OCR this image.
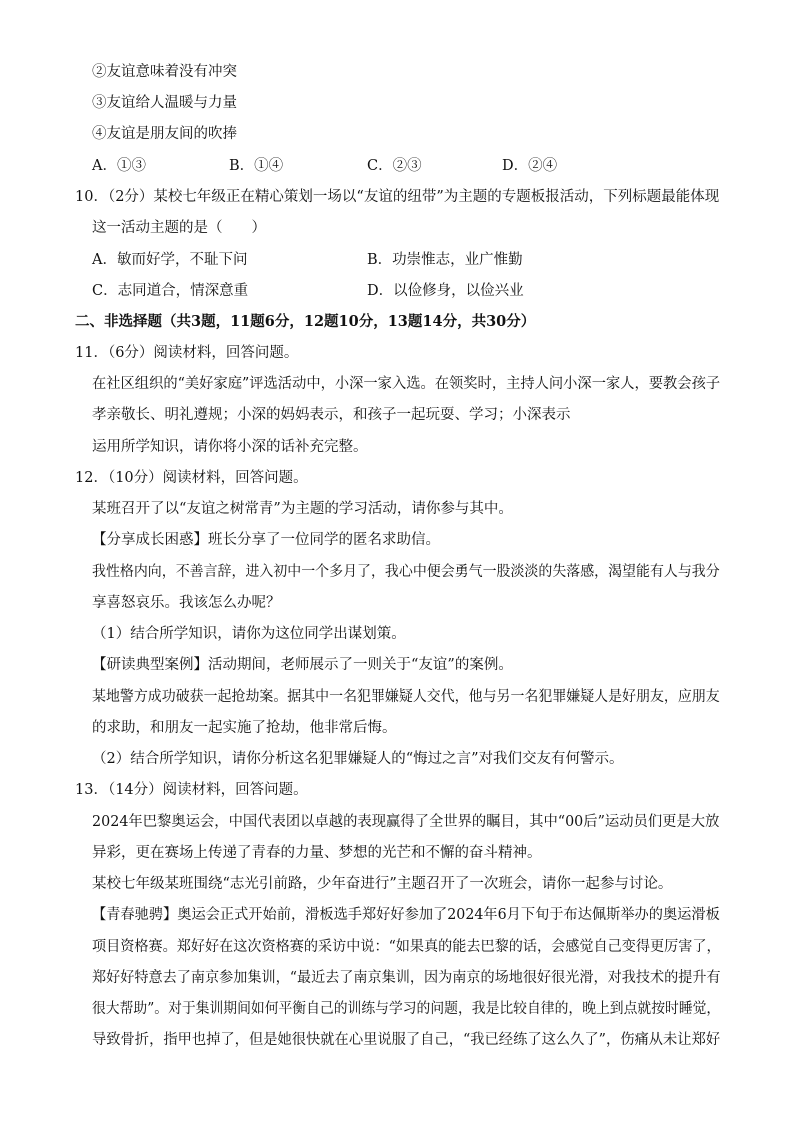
②友谊意味着没有冲突
③友谊给人温暖与力量
④友谊是朋友间的吹捧
A．①③	B．①④	C．②③	D．②④
10．（2分）某校七年级正在精心策划一场以“友谊的纽带”为主题的专题板报活动，下列标题最能体现
这一活动主题的是（　　）
A．敏而好学，不耻下问	B．功崇惟志，业广惟勤
C．志同道合，情深意重	D．以俭修身，以俭兴业
二、非选择题（共3题，11题6分，12题10分，13题14分，共30分）
11．（6分）阅读材料，回答问题。
在社区组织的“美好家庭”评选活动中，小深一家入选。在领奖时，主持人问小深一家人，要教会孩子
孝亲敬长、明礼遵规；小深的妈妈表示，和孩子一起玩耍、学习；小深表示
运用所学知识，请你将小深的话补充完整。
12．（10分）阅读材料，回答问题。
某班召开了以“友谊之树常青”为主题的学习活动，请你参与其中。
【分享成长困惑】班长分享了一位同学的匿名求助信。
我性格内向，不善言辞，进入初中一个多月了，我心中便会勇气一股淡淡的失落感，渴望能有人与我分
享喜怒哀乐。我该怎么办呢？
（1）结合所学知识，请你为这位同学出谋划策。
【研读典型案例】活动期间，老师展示了一则关于“友谊”的案例。
某地警方成功破获一起抢劫案。据其中一名犯罪嫌疑人交代，他与另一名犯罪嫌疑人是好朋友，应朋友
的求助，和朋友一起实施了抢劫，他非常后悔。
（2）结合所学知识，请你分析这名犯罪嫌疑人的“悔过之言”对我们交友有何警示。
13．（14分）阅读材料，回答问题。
2024年巴黎奥运会，中国代表团以卓越的表现赢得了全世界的瞩目，其中“00后”运动员们更是大放
异彩，更在赛场上传递了青春的力量、梦想的光芒和不懈的奋斗精神。
某校七年级某班围绕“志光引前路，少年奋进行”主题召开了一次班会，请你一起参与讨论。
【青春驰骋】奥运会正式开始前，滑板选手郑好好参加了2024年6月下旬于布达佩斯举办的奥运滑板
项目资格赛。郑好好在这次资格赛的采访中说：“如果真的能去巴黎的话，会感觉自己变得更厉害了，
郑好好特意去了南京参加集训，“最近去了南京集训，因为南京的场地很好很光滑，对我技术的提升有
很大帮助”。对于集训期间如何平衡自己的训练与学习的问题，我是比较自律的，晚上到点就按时睡觉，
导致骨折，指甲也掉了，但是她很快就在心里说服了自己，“我已经练了这么久了”，伤痛从未让郑好
